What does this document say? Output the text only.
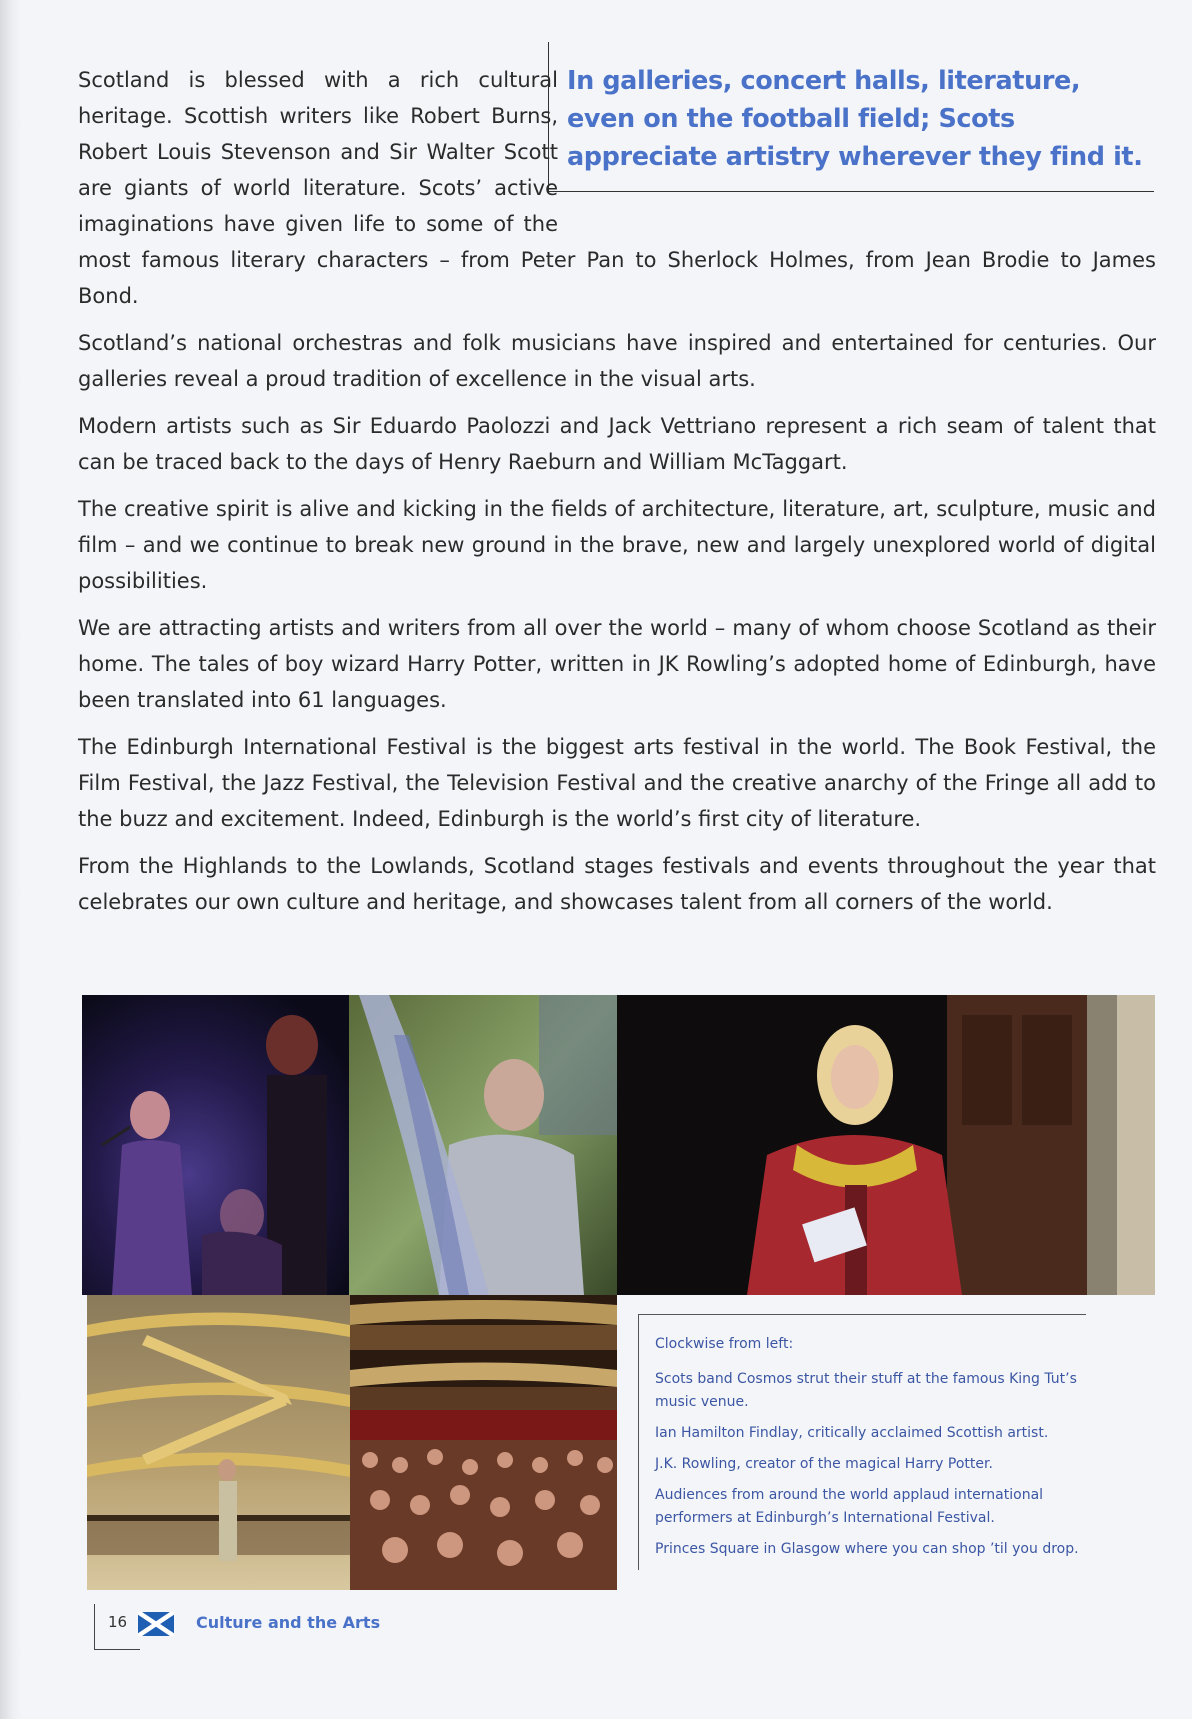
In galleries, concert halls, literature, even on the football field; Scots appreciate artistry wherever they find it.

Scotland is blessed with a rich cultural heritage. Scottish writers like Robert Burns, Robert Louis Stevenson and Sir Walter Scott are giants of world literature. Scots’ active imaginations have given life to some of the most famous literary characters – from Peter Pan to Sherlock Holmes, from Jean Brodie to James Bond.

Scotland’s national orchestras and folk musicians have inspired and entertained for centuries. Our galleries reveal a proud tradition of excellence in the visual arts.

Modern artists such as Sir Eduardo Paolozzi and Jack Vettriano represent a rich seam of talent that can be traced back to the days of Henry Raeburn and William McTaggart.

The creative spirit is alive and kicking in the fields of architecture, literature, art, sculpture, music and film – and we continue to break new ground in the brave, new and largely unexplored world of digital possibilities.

We are attracting artists and writers from all over the world – many of whom choose Scotland as their home. The tales of boy wizard Harry Potter, written in JK Rowling’s adopted home of Edinburgh, have been translated into 61 languages.

The Edinburgh International Festival is the biggest arts festival in the world. The Book Festival, the Film Festival, the Jazz Festival, the Television Festival and the creative anarchy of the Fringe all add to the buzz and excitement. Indeed, Edinburgh is the world’s first city of literature.

From the Highlands to the Lowlands, Scotland stages festivals and events throughout the year that celebrates our own culture and heritage, and showcases talent from all corners of the world.

Clockwise from left:

Scots band Cosmos strut their stuff at the famous King Tut’s music venue.

Ian Hamilton Findlay, critically acclaimed Scottish artist.

J.K. Rowling, creator of the magical Harry Potter.

Audiences from around the world applaud international performers at Edinburgh’s International Festival.

Princes Square in Glasgow where you can shop ’til you drop.

16	Culture and the Arts
